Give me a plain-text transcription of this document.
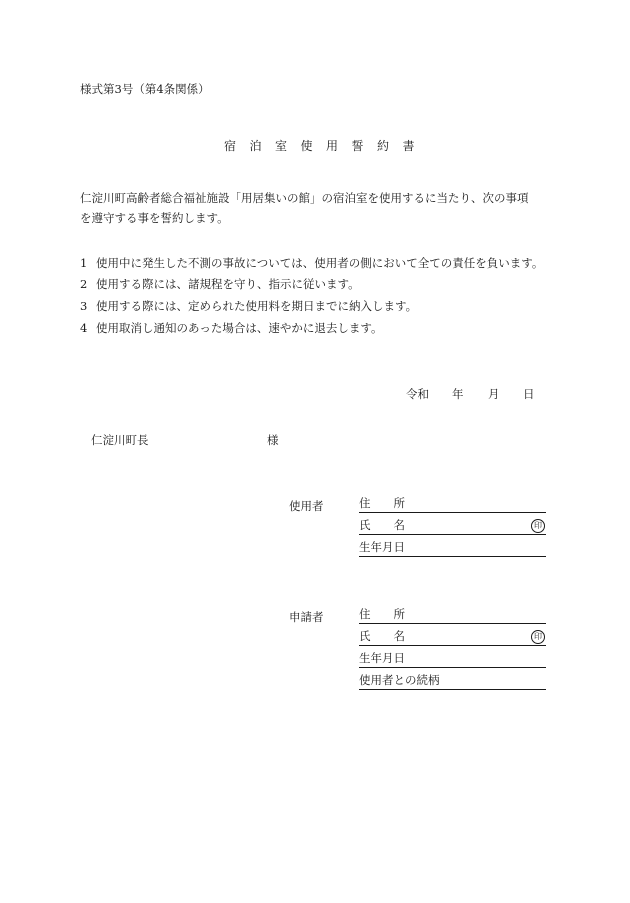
様式第3号（第4条関係）
宿泊室使用誓約書
仁淀川町高齢者総合福祉施設「用居集いの館」の宿泊室を使用するに当たり、次の事項
を遵守する事を誓約します。
1 使用中に発生した不測の事故については、使用者の側において全ての責任を負います。
2 使用する際には、諸規程を守り、指示に従います。
3 使用する際には、定められた使用料を期日までに納入します。
4 使用取消し通知のあった場合は、速やかに退去します。
令和 年 月 日
仁淀川町長	様
使用者	住　　所
氏　　名	印
生年月日
申請者	住　　所
氏　　名	印
生年月日
使用者との続柄
